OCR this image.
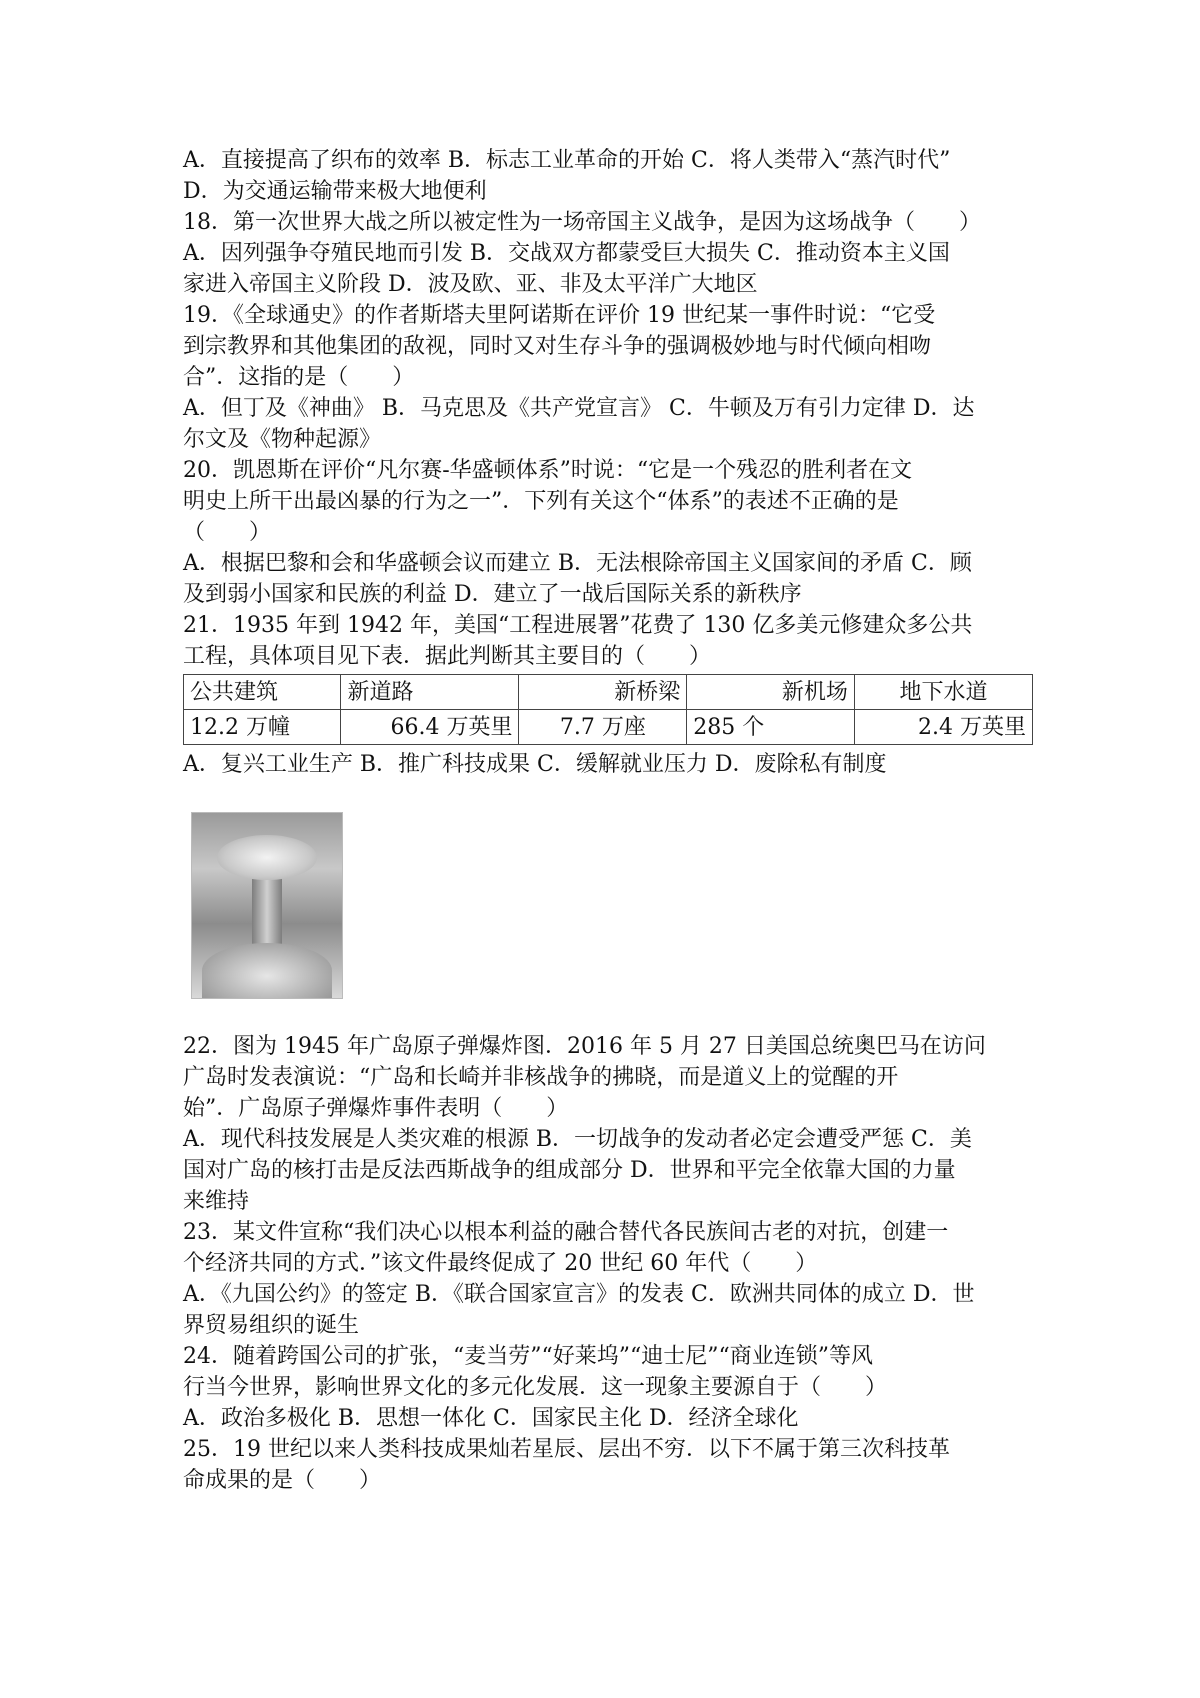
A．直接提高了织布的效率 B．标志工业革命的开始 C．将人类带入“蒸汽时代”
D．为交通运输带来极大地便利
18．第一次世界大战之所以被定性为一场帝国主义战争，是因为这场战争（　　）
A．因列强争夺殖民地而引发 B．交战双方都蒙受巨大损失 C．推动资本主义国
家进入帝国主义阶段 D．波及欧、亚、非及太平洋广大地区
19．《全球通史》的作者斯塔夫里阿诺斯在评价 19 世纪某一事件时说：“它受
到宗教界和其他集团的敌视，同时又对生存斗争的强调极妙地与时代倾向相吻
合”．这指的是（　　）
A．但丁及《神曲》 B．马克思及《共产党宣言》 C．牛顿及万有引力定律 D．达
尔文及《物种起源》
20．凯恩斯在评价“凡尔赛-华盛顿体系”时说：“它是一个残忍的胜利者在文
明史上所干出最凶暴的行为之一”．下列有关这个“体系”的表述不正确的是
（　　）
A．根据巴黎和会和华盛顿会议而建立 B．无法根除帝国主义国家间的矛盾 C．顾
及到弱小国家和民族的利益 D．建立了一战后国际关系的新秩序
21．1935 年到 1942 年，美国“工程进展署”花费了 130 亿多美元修建众多公共
工程，具体项目见下表．据此判断其主要目的（　　）
公共建筑	新道路	新桥梁	新机场	地下水道
12.2 万幢	66.4 万英里	7.7 万座	285 个	2.4 万英里
A．复兴工业生产 B．推广科技成果 C．缓解就业压力 D．废除私有制度
22．图为 1945 年广岛原子弹爆炸图．2016 年 5 月 27 日美国总统奥巴马在访问
广岛时发表演说：“广岛和长崎并非核战争的拂晓，而是道义上的觉醒的开
始”．广岛原子弹爆炸事件表明（　　）
A．现代科技发展是人类灾难的根源 B．一切战争的发动者必定会遭受严惩 C．美
国对广岛的核打击是反法西斯战争的组成部分 D．世界和平完全依靠大国的力量
来维持
23．某文件宣称“我们决心以根本利益的融合替代各民族间古老的对抗，创建一
个经济共同的方式．”该文件最终促成了 20 世纪 60 年代（　　）
A．《九国公约》的签定 B．《联合国家宣言》的发表 C．欧洲共同体的成立 D．世
界贸易组织的诞生
24．随着跨国公司的扩张，“麦当劳”“好莱坞”“迪士尼”“商业连锁”等风
行当今世界，影响世界文化的多元化发展．这一现象主要源自于（　　）
A．政治多极化 B．思想一体化 C．国家民主化 D．经济全球化
25．19 世纪以来人类科技成果灿若星辰、层出不穷．以下不属于第三次科技革
命成果的是（　　）
